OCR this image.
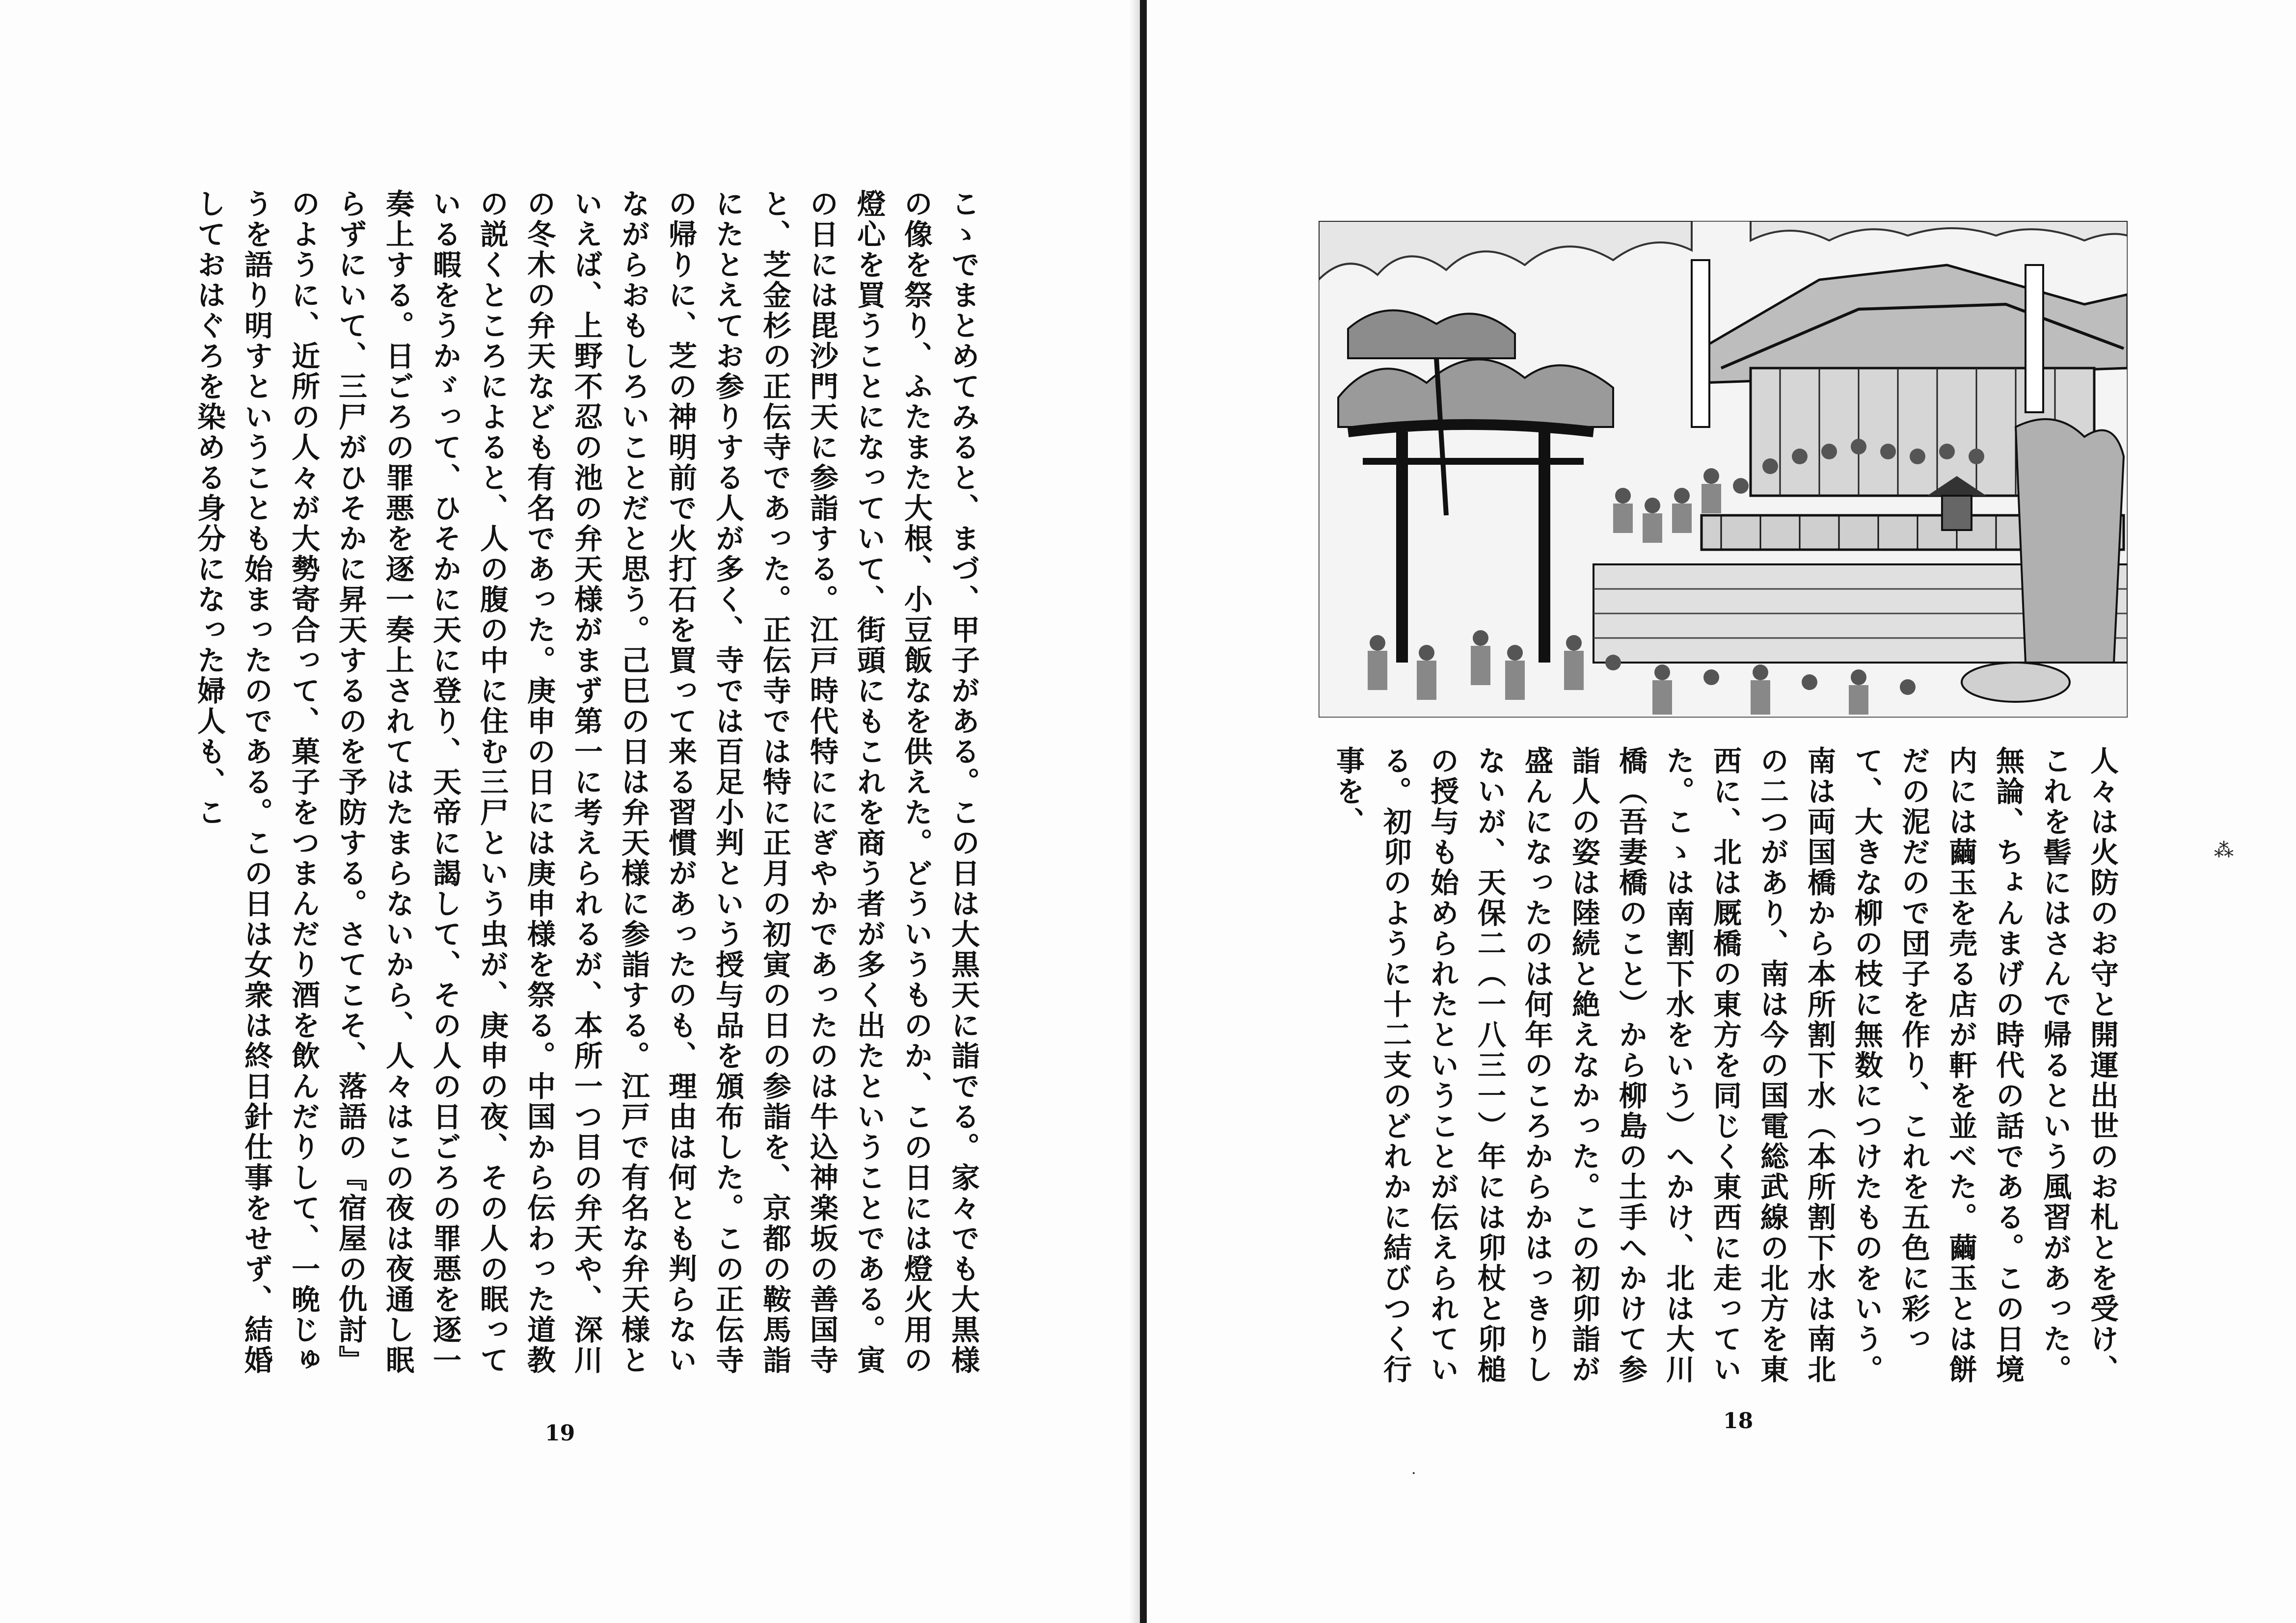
こゝでまとめてみると、まづ、甲子がある。この日は大黒天に詣でる。家々でも大黒様の像を祭り、ふたまた大根、小豆飯なを供えた。どういうものか、この日には燈火用の燈心を買うことになっていて、街頭にもこれを商う者が多く出たということである。寅の日には毘沙門天に参詣する。江戸時代特ににぎやかであったのは牛込神楽坂の善国寺と、芝金杉の正伝寺であった。正伝寺では特に正月の初寅の日の参詣を、京都の鞍馬詣にたとえてお参りする人が多く、寺では百足小判という授与品を頒布した。この正伝寺の帰りに、芝の神明前で火打石を買って来る習慣があったのも、理由は何とも判らないながらおもしろいことだと思う。己巳の日は弁天様に参詣する。江戸で有名な弁天様といえば、上野不忍の池の弁天様がまず第一に考えられるが、本所一つ目の弁天や、深川の冬木の弁天なども有名であった。庚申の日には庚申様を祭る。中国から伝わった道教の説くところによると、人の腹の中に住む三尸という虫が、庚申の夜、その人の眠っている暇をうかゞって、ひそかに天に登り、天帝に謁して、その人の日ごろの罪悪を逐一奏上する。日ごろの罪悪を逐一奏上されてはたまらないから、人々はこの夜は夜通し眠らずにいて、三尸がひそかに昇天するのを予防する。さてこそ、落語の『宿屋の仇討』のように、近所の人々が大勢寄合って、菓子をつまんだり酒を飲んだりして、一晩じゅうを語り明すということも始まったのである。この日は女衆は終日針仕事をせず、結婚しておはぐろを染める身分になった婦人も、こ

19

人々は火防のお守と開運出世のお札とを受け、これを髻にはさんで帰るという風習があった。無論、ちょんまげの時代の話である。この日境内には繭玉を売る店が軒を並べた。繭玉とは餅だの泥だので団子を作り、これを五色に彩って、大きな柳の枝に無数につけたものをいう。南は両国橋から本所割下水（本所割下水は南北の二つがあり、南は今の国電総武線の北方を東西に、北は厩橋の東方を同じく東西に走っていた。こゝは南割下水をいう）へかけ、北は大川橋（吾妻橋のこと）から柳島の土手へかけて参詣人の姿は陸続と絶えなかった。この初卯詣が盛んになったのは何年のころからかはっきりしないが、天保二（一八三一）年には卯杖と卯槌の授与も始められたということが伝えられている。初卯のように十二支のどれかに結びつく行事を、

18
⁂
·
